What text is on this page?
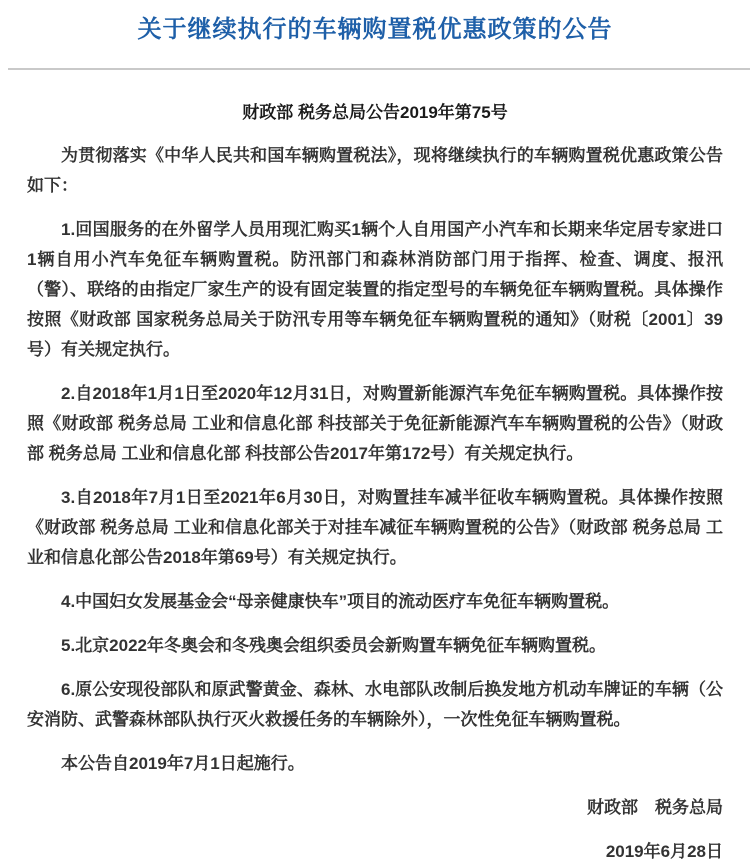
关于继续执行的车辆购置税优惠政策的公告
财政部 税务总局公告2019年第75号

为贯彻落实《中华人民共和国车辆购置税法》，现将继续执行的车辆购置税优惠政策公告如下：

1.回国服务的在外留学人员用现汇购买1辆个人自用国产小汽车和长期来华定居专家进口1辆自用小汽车免征车辆购置税。防汛部门和森林消防部门用于指挥、检查、调度、报汛（警）、联络的由指定厂家生产的设有固定装置的指定型号的车辆免征车辆购置税。具体操作按照《财政部 国家税务总局关于防汛专用等车辆免征车辆购置税的通知》（财税〔2001〕39号）有关规定执行。

2.自2018年1月1日至2020年12月31日，对购置新能源汽车免征车辆购置税。具体操作按照《财政部 税务总局 工业和信息化部 科技部关于免征新能源汽车车辆购置税的公告》（财政部 税务总局 工业和信息化部 科技部公告2017年第172号）有关规定执行。

3.自2018年7月1日至2021年6月30日，对购置挂车减半征收车辆购置税。具体操作按照《财政部 税务总局 工业和信息化部关于对挂车减征车辆购置税的公告》（财政部 税务总局 工业和信息化部公告2018年第69号）有关规定执行。

4.中国妇女发展基金会“母亲健康快车”项目的流动医疗车免征车辆购置税。

5.北京2022年冬奥会和冬残奥会组织委员会新购置车辆免征车辆购置税。

6.原公安现役部队和原武警黄金、森林、水电部队改制后换发地方机动车牌证的车辆（公安消防、武警森林部队执行灭火救援任务的车辆除外），一次性免征车辆购置税。

本公告自2019年7月1日起施行。

财政部　税务总局

2019年6月28日
